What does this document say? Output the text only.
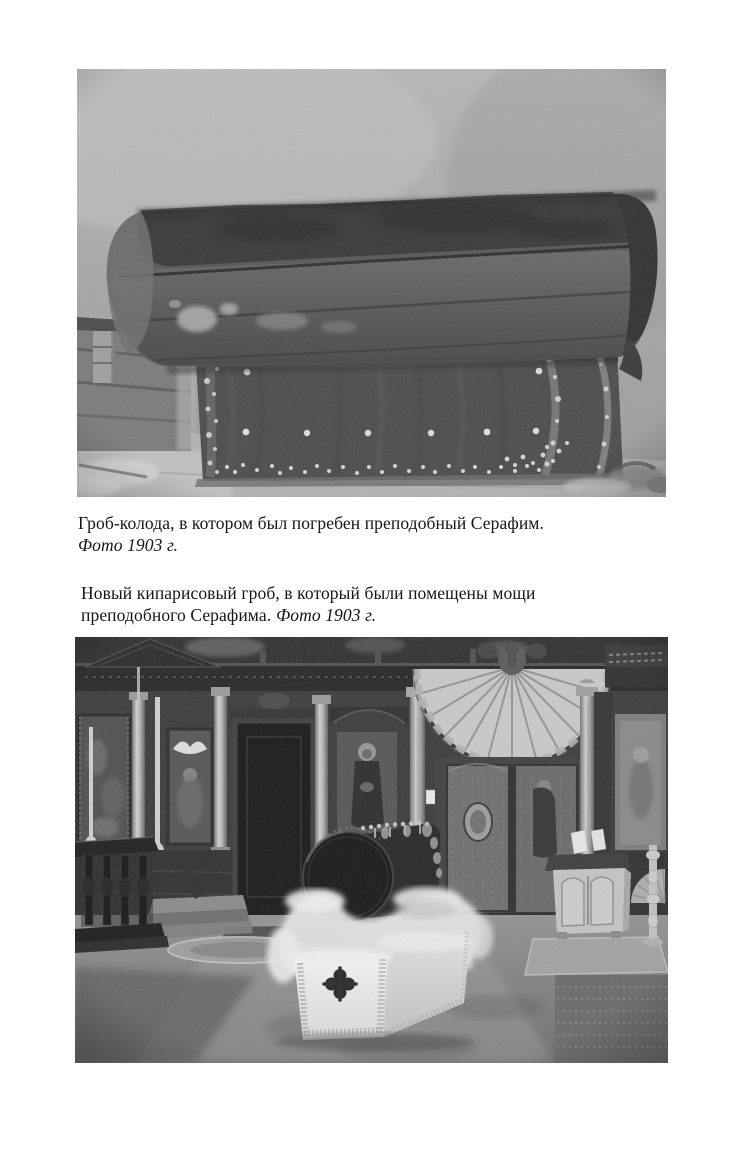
Гроб-колода, в котором был погребен преподобный Серафим.
Фото 1903 г.
Новый кипарисовый гроб, в который были помещены мощи
преподобного Серафима. Фото 1903 г.
